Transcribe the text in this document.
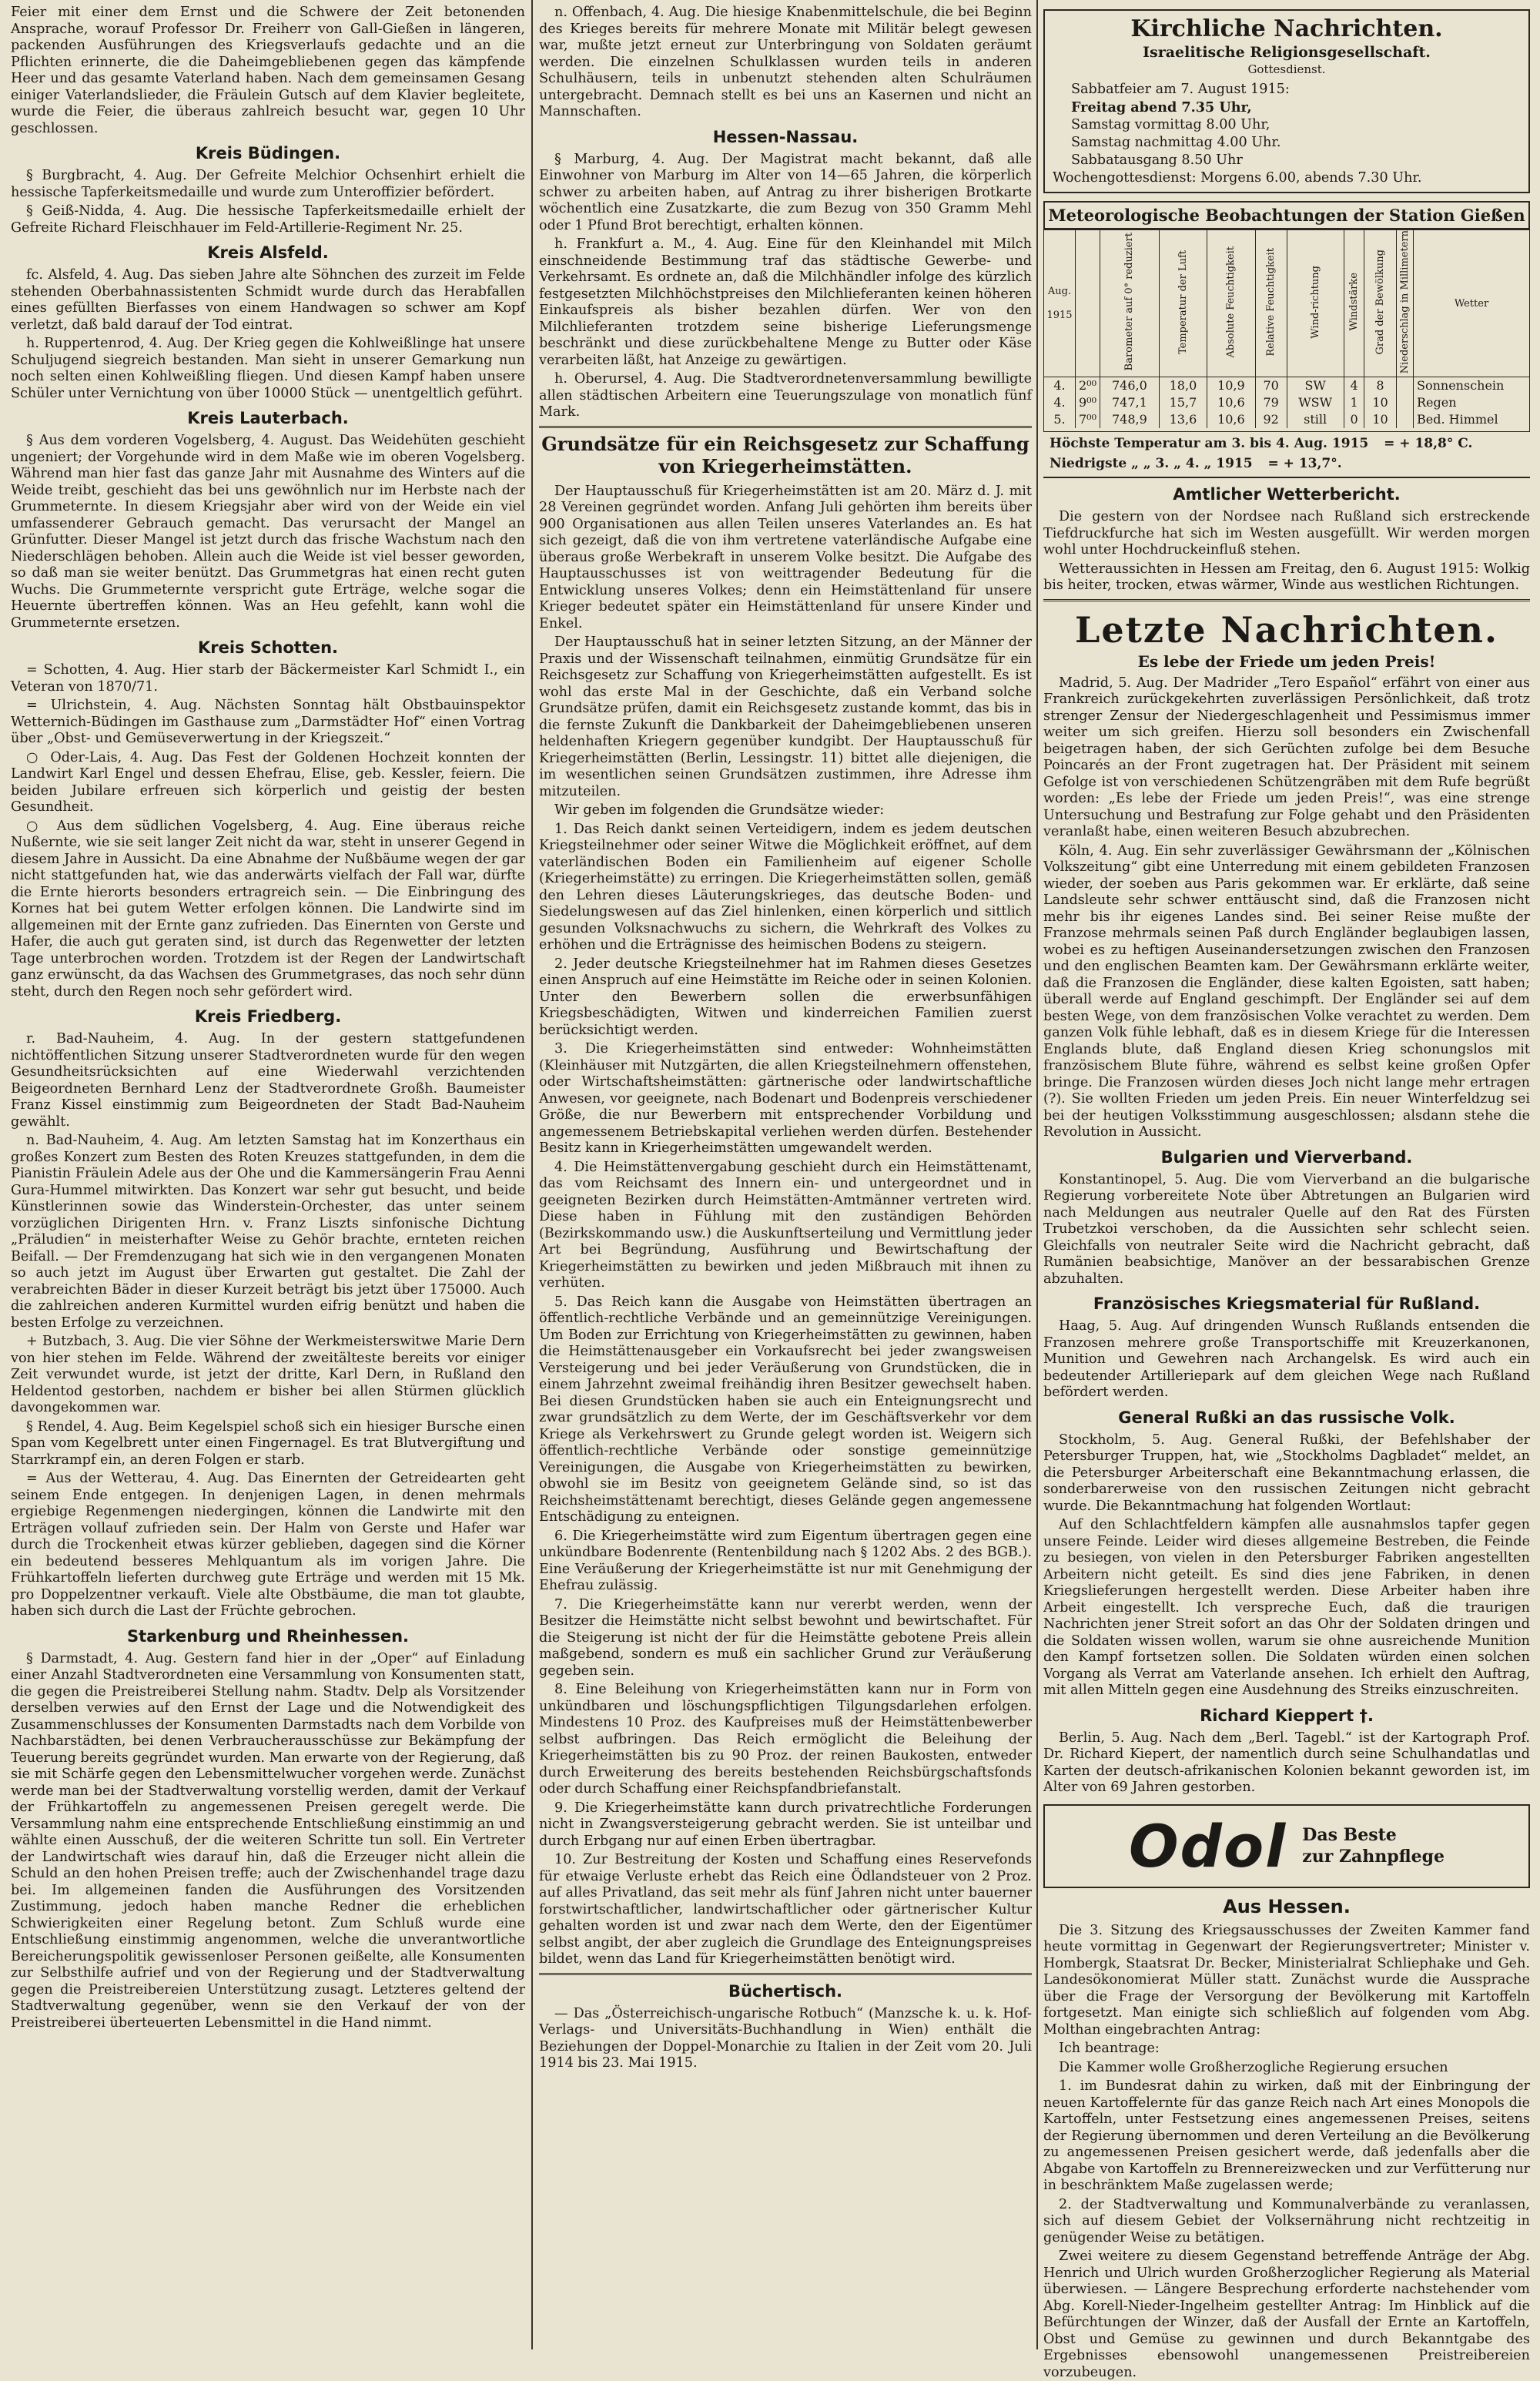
Feier mit einer dem Ernst und die Schwere der Zeit betonenden Ansprache, worauf Professor Dr. Freiherr von Gall-Gießen in längeren, packenden Ausführungen des Kriegsverlaufs gedachte und an die Pflichten erinnerte, die die Daheimgebliebenen gegen das kämpfende Heer und das gesamte Vaterland haben. Nach dem gemeinsamen Gesang einiger Vaterlandslieder, die Fräulein Gutsch auf dem Klavier begleitete, wurde die Feier, die überaus zahlreich besucht war, gegen 10 Uhr geschlossen.

Kreis Büdingen.

§ Burgbracht, 4. Aug. Der Gefreite Melchior Ochsenhirt erhielt die hessische Tapferkeitsmedaille und wurde zum Unteroffizier befördert.

§ Geiß-Nidda, 4. Aug. Die hessische Tapferkeitsmedaille erhielt der Gefreite Richard Fleischhauer im Feld-Artillerie-Regiment Nr. 25.

Kreis Alsfeld.

fc. Alsfeld, 4. Aug. Das sieben Jahre alte Söhnchen des zurzeit im Felde stehenden Oberbahnassistenten Schmidt wurde durch das Herabfallen eines gefüllten Bierfasses von einem Handwagen so schwer am Kopf verletzt, daß bald darauf der Tod eintrat.

h. Ruppertenrod, 4. Aug. Der Krieg gegen die Kohlweißlinge hat unsere Schuljugend siegreich bestanden. Man sieht in unserer Gemarkung nun noch selten einen Kohlweißling fliegen. Und diesen Kampf haben unsere Schüler unter Vernichtung von über 10000 Stück — unentgeltlich geführt.

Kreis Lauterbach.

§ Aus dem vorderen Vogelsberg, 4. August. Das Weidehüten geschieht ungeniert; der Vorgehunde wird in dem Maße wie im oberen Vogelsberg. Während man hier fast das ganze Jahr mit Ausnahme des Winters auf die Weide treibt, geschieht das bei uns gewöhnlich nur im Herbste nach der Grummeternte. In diesem Kriegsjahr aber wird von der Weide ein viel umfassenderer Gebrauch gemacht. Das verursacht der Mangel an Grünfutter. Dieser Mangel ist jetzt durch das frische Wachstum nach den Niederschlägen behoben. Allein auch die Weide ist viel besser geworden, so daß man sie weiter benützt. Das Grummetgras hat einen recht guten Wuchs. Die Grummeternte verspricht gute Erträge, welche sogar die Heuernte übertreffen können. Was an Heu gefehlt, kann wohl die Grummeternte ersetzen.

Kreis Schotten.

= Schotten, 4. Aug. Hier starb der Bäckermeister Karl Schmidt I., ein Veteran von 1870/71.

= Ulrichstein, 4. Aug. Nächsten Sonntag hält Obstbauinspektor Wetternich-Büdingen im Gasthause zum „Darmstädter Hof“ einen Vortrag über „Obst- und Gemüseverwertung in der Kriegszeit.“

○ Oder-Lais, 4. Aug. Das Fest der Goldenen Hochzeit konnten der Landwirt Karl Engel und dessen Ehefrau, Elise, geb. Kessler, feiern. Die beiden Jubilare erfreuen sich körperlich und geistig der besten Gesundheit.

○ Aus dem südlichen Vogelsberg, 4. Aug. Eine überaus reiche Nußernte, wie sie seit langer Zeit nicht da war, steht in unserer Gegend in diesem Jahre in Aussicht. Da eine Abnahme der Nußbäume wegen der gar nicht stattgefunden hat, wie das anderwärts vielfach der Fall war, dürfte die Ernte hierorts besonders ertragreich sein. — Die Einbringung des Kornes hat bei gutem Wetter erfolgen können. Die Landwirte sind im allgemeinen mit der Ernte ganz zufrieden. Das Einernten von Gerste und Hafer, die auch gut geraten sind, ist durch das Regenwetter der letzten Tage unterbrochen worden. Trotzdem ist der Regen der Landwirtschaft ganz erwünscht, da das Wachsen des Grummetgrases, das noch sehr dünn steht, durch den Regen noch sehr gefördert wird.

Kreis Friedberg.

r. Bad-Nauheim, 4. Aug. In der gestern stattgefundenen nichtöffentlichen Sitzung unserer Stadtverordneten wurde für den wegen Gesundheitsrücksichten auf eine Wiederwahl verzichtenden Beigeordneten Bernhard Lenz der Stadtverordnete Großh. Baumeister Franz Kissel einstimmig zum Beigeordneten der Stadt Bad-Nauheim gewählt.

n. Bad-Nauheim, 4. Aug. Am letzten Samstag hat im Konzerthaus ein großes Konzert zum Besten des Roten Kreuzes stattgefunden, in dem die Pianistin Fräulein Adele aus der Ohe und die Kammersängerin Frau Aenni Gura-Hummel mitwirkten. Das Konzert war sehr gut besucht, und beide Künstlerinnen sowie das Winderstein-Orchester, das unter seinem vorzüglichen Dirigenten Hrn. v. Franz Liszts sinfonische Dichtung „Präludien“ in meisterhafter Weise zu Gehör brachte, ernteten reichen Beifall. — Der Fremdenzugang hat sich wie in den vergangenen Monaten so auch jetzt im August über Erwarten gut gestaltet. Die Zahl der verabreichten Bäder in dieser Kurzeit beträgt bis jetzt über 175000. Auch die zahlreichen anderen Kurmittel wurden eifrig benützt und haben die besten Erfolge zu verzeichnen.

+ Butzbach, 3. Aug. Die vier Söhne der Werkmeisterswitwe Marie Dern von hier stehen im Felde. Während der zweitälteste bereits vor einiger Zeit verwundet wurde, ist jetzt der dritte, Karl Dern, in Rußland den Heldentod gestorben, nachdem er bisher bei allen Stürmen glücklich davongekommen war.

§ Rendel, 4. Aug. Beim Kegelspiel schoß sich ein hiesiger Bursche einen Span vom Kegelbrett unter einen Fingernagel. Es trat Blutvergiftung und Starrkrampf ein, an deren Folgen er starb.

= Aus der Wetterau, 4. Aug. Das Einernten der Getreidearten geht seinem Ende entgegen. In denjenigen Lagen, in denen mehrmals ergiebige Regenmengen niedergingen, können die Landwirte mit den Erträgen vollauf zufrieden sein. Der Halm von Gerste und Hafer war durch die Trockenheit etwas kürzer geblieben, dagegen sind die Körner ein bedeutend besseres Mehlquantum als im vorigen Jahre. Die Frühkartoffeln lieferten durchweg gute Erträge und werden mit 15 Mk. pro Doppelzentner verkauft. Viele alte Obstbäume, die man tot glaubte, haben sich durch die Last der Früchte gebrochen.

Starkenburg und Rheinhessen.

§ Darmstadt, 4. Aug. Gestern fand hier in der „Oper“ auf Einladung einer Anzahl Stadtverordneten eine Versammlung von Konsumenten statt, die gegen die Preistreiberei Stellung nahm. Stadtv. Delp als Vorsitzender derselben verwies auf den Ernst der Lage und die Notwendigkeit des Zusammenschlusses der Konsumenten Darmstadts nach dem Vorbilde von Nachbarstädten, bei denen Verbraucherausschüsse zur Bekämpfung der Teuerung bereits gegründet wurden. Man erwarte von der Regierung, daß sie mit Schärfe gegen den Lebensmittelwucher vorgehen werde. Zunächst werde man bei der Stadtverwaltung vorstellig werden, damit der Verkauf der Frühkartoffeln zu angemessenen Preisen geregelt werde. Die Versammlung nahm eine entsprechende Entschließung einstimmig an und wählte einen Ausschuß, der die weiteren Schritte tun soll. Ein Vertreter der Landwirtschaft wies darauf hin, daß die Erzeuger nicht allein die Schuld an den hohen Preisen treffe; auch der Zwischenhandel trage dazu bei. Im allgemeinen fanden die Ausführungen des Vorsitzenden Zustimmung, jedoch haben manche Redner die erheblichen Schwierigkeiten einer Regelung betont. Zum Schluß wurde eine Entschließung einstimmig angenommen, welche die unverantwortliche Bereicherungspolitik gewissenloser Personen geißelte, alle Konsumenten zur Selbsthilfe aufrief und von der Regierung und der Stadtverwaltung gegen die Preistreibereien Unterstützung zusagt. Letzteres geltend der Stadtverwaltung gegenüber, wenn sie den Verkauf der von der Preistreiberei überteuerten Lebensmittel in die Hand nimmt.

n. Offenbach, 4. Aug. Die hiesige Knabenmittelschule, die bei Beginn des Krieges bereits für mehrere Monate mit Militär belegt gewesen war, mußte jetzt erneut zur Unterbringung von Soldaten geräumt werden. Die einzelnen Schulklassen wurden teils in anderen Schulhäusern, teils in unbenutzt stehenden alten Schulräumen untergebracht. Demnach stellt es bei uns an Kasernen und nicht an Mannschaften.

Hessen-Nassau.

§ Marburg, 4. Aug. Der Magistrat macht bekannt, daß alle Einwohner von Marburg im Alter von 14—65 Jahren, die körperlich schwer zu arbeiten haben, auf Antrag zu ihrer bisherigen Brotkarte wöchentlich eine Zusatzkarte, die zum Bezug von 350 Gramm Mehl oder 1 Pfund Brot berechtigt, erhalten können.

h. Frankfurt a. M., 4. Aug. Eine für den Kleinhandel mit Milch einschneidende Bestimmung traf das städtische Gewerbe- und Verkehrsamt. Es ordnete an, daß die Milchhändler infolge des kürzlich festgesetzten Milchhöchstpreises den Milchlieferanten keinen höheren Einkaufspreis als bisher bezahlen dürfen. Wer von den Milchlieferanten trotzdem seine bisherige Lieferungsmenge beschränkt und diese zurückbehaltene Menge zu Butter oder Käse verarbeiten läßt, hat Anzeige zu gewärtigen.

h. Oberursel, 4. Aug. Die Stadtverordnetenversammlung bewilligte allen städtischen Arbeitern eine Teuerungszulage von monatlich fünf Mark.

Grundsätze für ein Reichsgesetz zur Schaffung von Kriegerheimstätten.

Der Hauptausschuß für Kriegerheimstätten ist am 20. März d. J. mit 28 Vereinen gegründet worden. Anfang Juli gehörten ihm bereits über 900 Organisationen aus allen Teilen unseres Vaterlandes an. Es hat sich gezeigt, daß die von ihm vertretene vaterländische Aufgabe eine überaus große Werbekraft in unserem Volke besitzt. Die Aufgabe des Hauptausschusses ist von weittragender Bedeutung für die Entwicklung unseres Volkes; denn ein Heimstättenland für unsere Krieger bedeutet später ein Heimstättenland für unsere Kinder und Enkel.

Der Hauptausschuß hat in seiner letzten Sitzung, an der Männer der Praxis und der Wissenschaft teilnahmen, einmütig Grundsätze für ein Reichsgesetz zur Schaffung von Kriegerheimstätten aufgestellt. Es ist wohl das erste Mal in der Geschichte, daß ein Verband solche Grundsätze prüfen, damit ein Reichsgesetz zustande kommt, das bis in die fernste Zukunft die Dankbarkeit der Daheimgebliebenen unseren heldenhaften Kriegern gegenüber kundgibt. Der Hauptausschuß für Kriegerheimstätten (Berlin, Lessingstr. 11) bittet alle diejenigen, die im wesentlichen seinen Grundsätzen zustimmen, ihre Adresse ihm mitzuteilen.

Wir geben im folgenden die Grundsätze wieder:

1. Das Reich dankt seinen Verteidigern, indem es jedem deutschen Kriegsteilnehmer oder seiner Witwe die Möglichkeit eröffnet, auf dem vaterländischen Boden ein Familienheim auf eigener Scholle (Kriegerheimstätte) zu erringen. Die Kriegerheimstätten sollen, gemäß den Lehren dieses Läuterungskrieges, das deutsche Boden- und Siedelungswesen auf das Ziel hinlenken, einen körperlich und sittlich gesunden Volksnachwuchs zu sichern, die Wehrkraft des Volkes zu erhöhen und die Erträgnisse des heimischen Bodens zu steigern.

2. Jeder deutsche Kriegsteilnehmer hat im Rahmen dieses Gesetzes einen Anspruch auf eine Heimstätte im Reiche oder in seinen Kolonien. Unter den Bewerbern sollen die erwerbsunfähigen Kriegsbeschädigten, Witwen und kinderreichen Familien zuerst berücksichtigt werden.

3. Die Kriegerheimstätten sind entweder: Wohnheimstätten (Kleinhäuser mit Nutzgärten, die allen Kriegsteilnehmern offenstehen, oder Wirtschaftsheimstätten: gärtnerische oder landwirtschaftliche Anwesen, vor geeignete, nach Bodenart und Bodenpreis verschiedener Größe, die nur Bewerbern mit entsprechender Vorbildung und angemessenem Betriebskapital verliehen werden dürfen. Bestehender Besitz kann in Kriegerheimstätten umgewandelt werden.

4. Die Heimstättenvergabung geschieht durch ein Heimstättenamt, das vom Reichsamt des Innern ein- und untergeordnet und in geeigneten Bezirken durch Heimstätten-Amtmänner vertreten wird. Diese haben in Fühlung mit den zuständigen Behörden (Bezirkskommando usw.) die Auskunftserteilung und Vermittlung jeder Art bei Begründung, Ausführung und Bewirtschaftung der Kriegerheimstätten zu bewirken und jeden Mißbrauch mit ihnen zu verhüten.

5. Das Reich kann die Ausgabe von Heimstätten übertragen an öffentlich-rechtliche Verbände und an gemeinnützige Vereinigungen. Um Boden zur Errichtung von Kriegerheimstätten zu gewinnen, haben die Heimstättenausgeber ein Vorkaufsrecht bei jeder zwangsweisen Versteigerung und bei jeder Veräußerung von Grundstücken, die in einem Jahrzehnt zweimal freihändig ihren Besitzer gewechselt haben. Bei diesen Grundstücken haben sie auch ein Enteignungsrecht und zwar grundsätzlich zu dem Werte, der im Geschäftsverkehr vor dem Kriege als Verkehrswert zu Grunde gelegt worden ist. Weigern sich öffentlich-rechtliche Verbände oder sonstige gemeinnützige Vereinigungen, die Ausgabe von Kriegerheimstätten zu bewirken, obwohl sie im Besitz von geeignetem Gelände sind, so ist das Reichsheimstättenamt berechtigt, dieses Gelände gegen angemessene Entschädigung zu enteignen.

6. Die Kriegerheimstätte wird zum Eigentum übertragen gegen eine unkündbare Bodenrente (Rentenbildung nach § 1202 Abs. 2 des BGB.). Eine Veräußerung der Kriegerheimstätte ist nur mit Genehmigung der Ehefrau zulässig.

7. Die Kriegerheimstätte kann nur vererbt werden, wenn der Besitzer die Heimstätte nicht selbst bewohnt und bewirtschaftet. Für die Steigerung ist nicht der für die Heimstätte gebotene Preis allein maßgebend, sondern es muß ein sachlicher Grund zur Veräußerung gegeben sein.

8. Eine Beleihung von Kriegerheimstätten kann nur in Form von unkündbaren und löschungspflichtigen Tilgungsdarlehen erfolgen. Mindestens 10 Proz. des Kaufpreises muß der Heimstättenbewerber selbst aufbringen. Das Reich ermöglicht die Beleihung der Kriegerheimstätten bis zu 90 Proz. der reinen Baukosten, entweder durch Erweiterung des bereits bestehenden Reichsbürgschaftsfonds oder durch Schaffung einer Reichspfandbriefanstalt.

9. Die Kriegerheimstätte kann durch privatrechtliche Forderungen nicht in Zwangsversteigerung gebracht werden. Sie ist unteilbar und durch Erbgang nur auf einen Erben übertragbar.

10. Zur Bestreitung der Kosten und Schaffung eines Reservefonds für etwaige Verluste erhebt das Reich eine Ödlandsteuer von 2 Proz. auf alles Privatland, das seit mehr als fünf Jahren nicht unter bauerner forstwirtschaftlicher, landwirtschaftlicher oder gärtnerischer Kultur gehalten worden ist und zwar nach dem Werte, den der Eigentümer selbst angibt, der aber zugleich die Grundlage des Enteignungspreises bildet, wenn das Land für Kriegerheimstätten benötigt wird.

Büchertisch.

— Das „Österreichisch-ungarische Rotbuch“ (Manzsche k. u. k. Hof-Verlags- und Universitäts-Buchhandlung in Wien) enthält die Beziehungen der Doppel-Monarchie zu Italien in der Zeit vom 20. Juli 1914 bis 23. Mai 1915.

Kirchliche Nachrichten.
Israelitische Religionsgesellschaft.
Gottesdienst.

Sabbatfeier am 7. August 1915:

Freitag abend 7.35 Uhr,

Samstag vormittag 8.00 Uhr,

Samstag nachmittag 4.00 Uhr.

Sabbatausgang 8.50 Uhr

Wochengottesdienst: Morgens 6.00, abends 7.30 Uhr.

Meteorologische Beobachtungen der Station Gießen
Aug.
1915		Barometer auf 0° reduziert	Temperatur der Luft	Absolute Feuchtigkeit	Relative Feuchtigkeit	Wind-richtung	Windstärke	Grad der Bewölkung	Niederschlag in Millimetern	Wetter
4.	2⁰⁰	746,0	18,0	10,9	70	SW	4	8		Sonnenschein
4.	9⁰⁰	747,1	15,7	10,6	79	WSW	1	10		Regen
5.	7⁰⁰	748,9	13,6	10,6	92	still	0	10		Bed. Himmel

Höchste Temperatur am 3. bis 4. Aug. 1915 = + 18,8° C.
Niedrigste „ „ 3. „ 4. „ 1915 = + 13,7°.
Amtlicher Wetterbericht.

Die gestern von der Nordsee nach Rußland sich erstreckende Tiefdruckfurche hat sich im Westen ausgefüllt. Wir werden morgen wohl unter Hochdruckeinfluß stehen.

Wetteraussichten in Hessen am Freitag, den 6. August 1915: Wolkig bis heiter, trocken, etwas wärmer, Winde aus westlichen Richtungen.

Letzte Nachrichten.
Es lebe der Friede um jeden Preis!

Madrid, 5. Aug. Der Madrider „Tero Español“ erfährt von einer aus Frankreich zurückgekehrten zuverlässigen Persönlichkeit, daß trotz strenger Zensur der Niedergeschlagenheit und Pessimismus immer weiter um sich greifen. Hierzu soll besonders ein Zwischenfall beigetragen haben, der sich Gerüchten zufolge bei dem Besuche Poincarés an der Front zugetragen hat. Der Präsident mit seinem Gefolge ist von verschiedenen Schützengräben mit dem Rufe begrüßt worden: „Es lebe der Friede um jeden Preis!“, was eine strenge Untersuchung und Bestrafung zur Folge gehabt und den Präsidenten veranlaßt habe, einen weiteren Besuch abzubrechen.

Köln, 4. Aug. Ein sehr zuverlässiger Gewährsmann der „Kölnischen Volkszeitung“ gibt eine Unterredung mit einem gebildeten Franzosen wieder, der soeben aus Paris gekommen war. Er erklärte, daß seine Landsleute sehr schwer enttäuscht sind, daß die Franzosen nicht mehr bis ihr eigenes Landes sind. Bei seiner Reise mußte der Franzose mehrmals seinen Paß durch Engländer beglaubigen lassen, wobei es zu heftigen Auseinandersetzungen zwischen den Franzosen und den englischen Beamten kam. Der Gewährsmann erklärte weiter, daß die Franzosen die Engländer, diese kalten Egoisten, satt haben; überall werde auf England geschimpft. Der Engländer sei auf dem besten Wege, von dem französischen Volke verachtet zu werden. Dem ganzen Volk fühle lebhaft, daß es in diesem Kriege für die Interessen Englands blute, daß England diesen Krieg schonungslos mit französischem Blute führe, während es selbst keine großen Opfer bringe. Die Franzosen würden dieses Joch nicht lange mehr ertragen (?). Sie wollten Frieden um jeden Preis. Ein neuer Winterfeldzug sei bei der heutigen Volksstimmung ausgeschlossen; alsdann stehe die Revolution in Aussicht.

Bulgarien und Vierverband.

Konstantinopel, 5. Aug. Die vom Vierverband an die bulgarische Regierung vorbereitete Note über Abtretungen an Bulgarien wird nach Meldungen aus neutraler Quelle auf den Rat des Fürsten Trubetzkoi verschoben, da die Aussichten sehr schlecht seien. Gleichfalls von neutraler Seite wird die Nachricht gebracht, daß Rumänien beabsichtige, Manöver an der bessarabischen Grenze abzuhalten.

Französisches Kriegsmaterial für Rußland.

Haag, 5. Aug. Auf dringenden Wunsch Rußlands entsenden die Franzosen mehrere große Transportschiffe mit Kreuzerkanonen, Munition und Gewehren nach Archangelsk. Es wird auch ein bedeutender Artilleriepark auf dem gleichen Wege nach Rußland befördert werden.

General Rußki an das russische Volk.

Stockholm, 5. Aug. General Rußki, der Befehlshaber der Petersburger Truppen, hat, wie „Stockholms Dagbladet“ meldet, an die Petersburger Arbeiterschaft eine Bekanntmachung erlassen, die sonderbarerweise von den russischen Zeitungen nicht gebracht wurde. Die Bekanntmachung hat folgenden Wortlaut:

Auf den Schlachtfeldern kämpfen alle ausnahmslos tapfer gegen unsere Feinde. Leider wird dieses allgemeine Bestreben, die Feinde zu besiegen, von vielen in den Petersburger Fabriken angestellten Arbeitern nicht geteilt. Es sind dies jene Fabriken, in denen Kriegslieferungen hergestellt werden. Diese Arbeiter haben ihre Arbeit eingestellt. Ich verspreche Euch, daß die traurigen Nachrichten jener Streit sofort an das Ohr der Soldaten dringen und die Soldaten wissen wollen, warum sie ohne ausreichende Munition den Kampf fortsetzen sollen. Die Soldaten würden einen solchen Vorgang als Verrat am Vaterlande ansehen. Ich erhielt den Auftrag, mit allen Mitteln gegen eine Ausdehnung des Streiks einzuschreiten.

Richard Kieppert †.

Berlin, 5. Aug. Nach dem „Berl. Tagebl.“ ist der Kartograph Prof. Dr. Richard Kiepert, der namentlich durch seine Schulhandatlas und Karten der deutsch-afrikanischen Kolonien bekannt geworden ist, im Alter von 69 Jahren gestorben.

Odol Das Beste
zur Zahnpflege
Aus Hessen.

Die 3. Sitzung des Kriegsausschusses der Zweiten Kammer fand heute vormittag in Gegenwart der Regierungsvertreter; Minister v. Hombergk, Staatsrat Dr. Becker, Ministerialrat Schliephake und Geh. Landesökonomierat Müller statt. Zunächst wurde die Aussprache über die Frage der Versorgung der Bevölkerung mit Kartoffeln fortgesetzt. Man einigte sich schließlich auf folgenden vom Abg. Molthan eingebrachten Antrag:

Ich beantrage:

Die Kammer wolle Großherzogliche Regierung ersuchen

1. im Bundesrat dahin zu wirken, daß mit der Einbringung der neuen Kartoffelernte für das ganze Reich nach Art eines Monopols die Kartoffeln, unter Festsetzung eines angemessenen Preises, seitens der Regierung übernommen und deren Verteilung an die Bevölkerung zu angemessenen Preisen gesichert werde, daß jedenfalls aber die Abgabe von Kartoffeln zu Brennereizwecken und zur Verfütterung nur in beschränktem Maße zugelassen werde;

2. der Stadtverwaltung und Kommunalverbände zu veranlassen, sich auf diesem Gebiet der Volksernährung nicht rechtzeitig in genügender Weise zu betätigen.

Zwei weitere zu diesem Gegenstand betreffende Anträge der Abg. Henrich und Ulrich wurden Großherzoglicher Regierung als Material überwiesen. — Längere Besprechung erforderte nachstehender vom Abg. Korell-Nieder-Ingelheim gestellter Antrag: Im Hinblick auf die Befürchtungen der Winzer, daß der Ausfall der Ernte an Kartoffeln, Obst und Gemüse zu gewinnen und durch Bekanntgabe des Ergebnisses ebensowohl unangemessenen Preistreibereien vorzubeugen.
